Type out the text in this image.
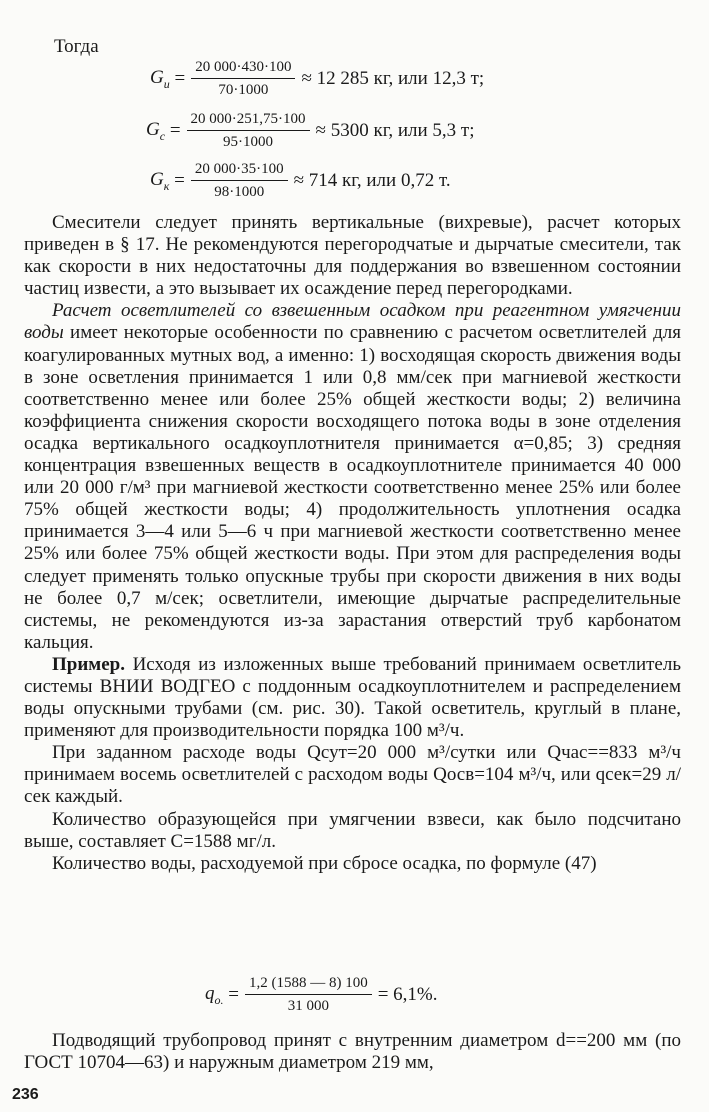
Тогда
$G_и = \frac{20 000\cdot 430\cdot 100}{70\cdot 1000} \approx 12$ 285 кг, или 12,3 т;
$G_с = \frac{20 000\cdot 251,75\cdot 100}{95\cdot 1000} \approx 5300$ кг, или 5,3 т;
$G_к = \frac{20 000\cdot 35\cdot 100}{98\cdot 1000} \approx 714$ кг, или 0,72 т.

Смесители следует принять вертикальные (вихревые), расчет которых приведен в § 17. Не рекомендуются перегородчатые и дырчатые смесители, так как скорости в них недостаточны для поддержания во взвешенном состоянии частиц извести, а это вызывает их осаждение перед перегородками.

Расчет осветлителей со взвешенным осадком при реагентном умягчении воды имеет некоторые особенности по сравнению с расчетом осветлителей для коагулированных мутных вод, а именно: 1) восходящая скорость движения воды в зоне осветления принимается 1 или 0,8 мм/сек при магниевой жесткости соответственно менее или более 25% общей жесткости воды; 2) величина коэффициента снижения скорости восходящего потока воды в зоне отделения осадка вертикального осадкоуплотнителя принимается α=0,85; 3) средняя концентрация взвешенных веществ в осадкоуплотнителе принимается 40 000 или 20 000 г/м³ при магниевой жесткости соответственно менее 25% или более 75% общей жесткости воды; 4) продолжительность уплотнения осадка принимается 3—4 или 5—6 ч при магниевой жесткости соответственно менее 25% или более 75% общей жесткости воды. При этом для распределения воды следует применять только опускные трубы при скорости движения в них воды не более 0,7 м/сек; осветлители, имеющие дырчатые распределительные системы, не рекомендуются из-за зарастания отверстий труб карбонатом кальция.

Пример. Исходя из изложенных выше требований принимаем осветлитель системы ВНИИ ВОДГЕО с поддонным осадкоуплотнителем и распределением воды опускными трубами (см. рис. 30). Такой осветитель, круглый в плане, применяют для производительности порядка 100 м³/ч.

При заданном расходе воды Qсут=20 000 м³/сутки или Qчас==833 м³/ч принимаем восемь осветлителей с расходом воды Qосв=104 м³/ч, или qсек=29 л/сек каждый.

Количество образующейся при умягчении взвеси, как было подсчитано выше, составляет C=1588 мг/л.

Количество воды, расходуемой при сбросе осадка, по формуле (47)

$q_{о.} = \frac{1,2 (1588 — 8) 100}{31 000} = 6,1\%$.

Подводящий трубопровод принят с внутренним диаметром d==200 мм (по ГОСТ 10704—63) и наружным диаметром 219 мм,

236
